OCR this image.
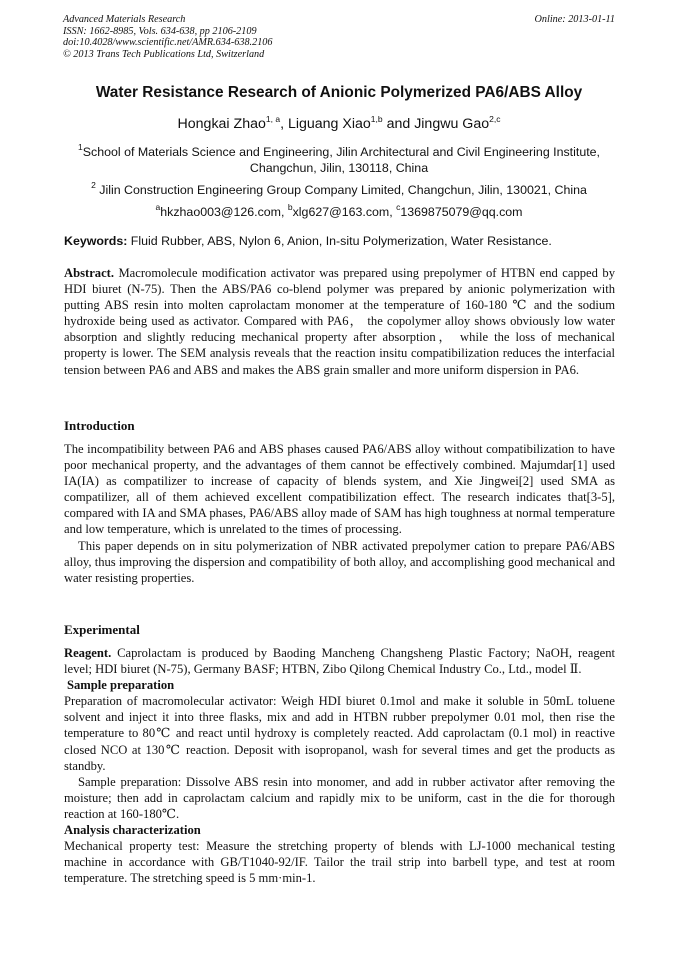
Advanced Materials Research
ISSN: 1662-8985, Vols. 634-638, pp 2106-2109
doi:10.4028/www.scientific.net/AMR.634-638.2106
© 2013 Trans Tech Publications Ltd, Switzerland
Online: 2013-01-11
Water Resistance Research of Anionic Polymerized PA6/ABS Alloy
Hongkai Zhao$^{1, a}$, Liguang Xiao$^{1,b}$ and Jingwu Gao$^{2,c}$
$^1$School of Materials Science and Engineering, Jilin Architectural and Civil Engineering Institute,
Changchun, Jilin, 130118, China
$^2$ Jilin Construction Engineering Group Company Limited, Changchun, Jilin, 130021, China
$^a$hkzhao003@126.com, $^b$xlg627@163.com, $^c$1369875079@qq.com
Keywords: Fluid Rubber, ABS, Nylon 6, Anion, In-situ Polymerization, Water Resistance.
Abstract. Macromolecule modification activator was prepared using prepolymer of HTBN end capped by HDI biuret (N-75). Then the ABS/PA6 co-blend polymer was prepared by anionic polymerization with putting ABS resin into molten caprolactam monomer at the temperature of 160-180 ℃ and the sodium hydroxide being used as activator. Compared with PA6， the copolymer alloy shows obviously low water absorption and slightly reducing mechanical property after absorption， while the loss of mechanical property is lower. The SEM analysis reveals that the reaction insitu compatibilization reduces the interfacial tension between PA6 and ABS and makes the ABS grain smaller and more uniform dispersion in PA6.
Introduction

The incompatibility between PA6 and ABS phases caused PA6/ABS alloy without compatibilization to have poor mechanical property, and the advantages of them cannot be effectively combined. Majumdar[1] used IA(IA) as compatilizer to increase of capacity of blends system, and Xie Jingwei[2] used SMA as compatilizer, all of them achieved excellent compatibilization effect. The research indicates that[3-5], compared with IA and SMA phases, PA6/ABS alloy made of SAM has high toughness at normal temperature and low temperature, which is unrelated to the times of processing.

This paper depends on in situ polymerization of NBR activated prepolymer cation to prepare PA6/ABS alloy, thus improving the dispersion and compatibility of both alloy, and accomplishing good mechanical and water resisting properties.

Experimental

Reagent. Caprolactam is produced by Baoding Mancheng Changsheng Plastic Factory; NaOH, reagent level; HDI biuret (N-75), Germany BASF; HTBN, Zibo Qilong Chemical Industry Co., Ltd., model Ⅱ.

Sample preparation

Preparation of macromolecular activator: Weigh HDI biuret 0.1mol and make it soluble in 50mL toluene solvent and inject it into three flasks, mix and add in HTBN rubber prepolymer 0.01 mol, then rise the temperature to 80℃ and react until hydroxy is completely reacted. Add caprolactam (0.1 mol) in reactive closed NCO at 130℃ reaction. Deposit with isopropanol, wash for several times and get the products as standby.

Sample preparation: Dissolve ABS resin into monomer, and add in rubber activator after removing the moisture; then add in caprolactam calcium and rapidly mix to be uniform, cast in the die for thorough reaction at 160-180℃.

Analysis characterization

Mechanical property test: Measure the stretching property of blends with LJ-1000 mechanical testing machine in accordance with GB/T1040-92/IF. Tailor the trail strip into barbell type, and test at room temperature. The stretching speed is 5 mm·min-1.
